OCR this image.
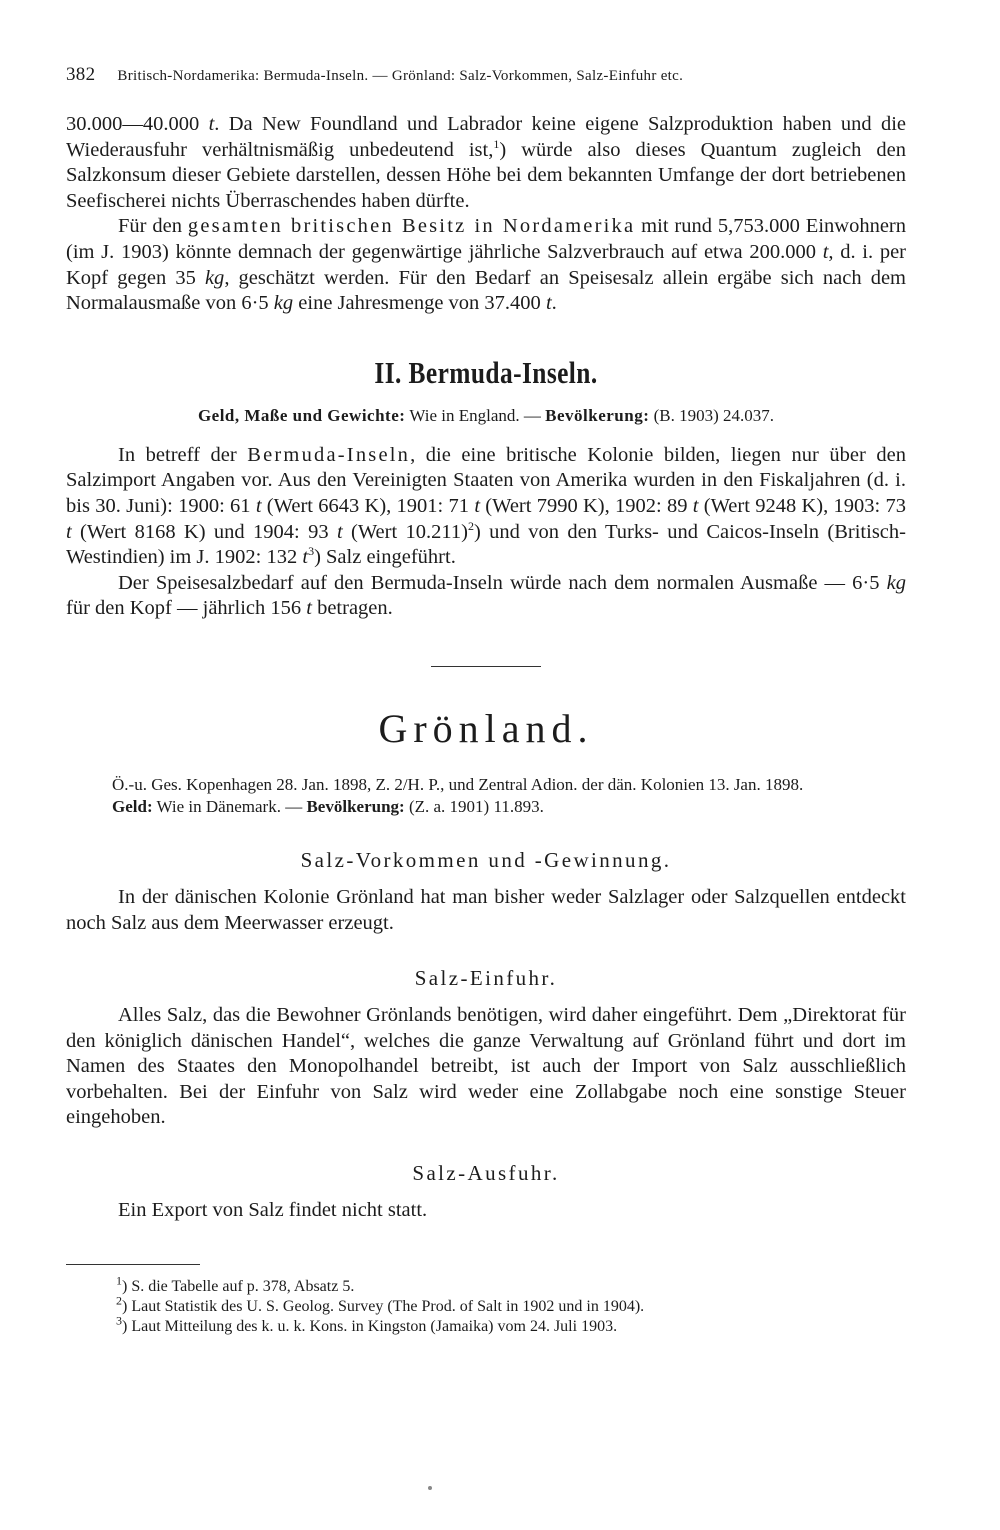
382 Britisch-Nordamerika: Bermuda-Inseln. — Grönland: Salz-Vorkommen, Salz-Einfuhr etc.

30.000—40.000 t. Da New Foundland und Labrador keine eigene Salzproduktion haben und die Wiederausfuhr verhältnismäßig unbedeutend ist,$^1$) würde also dieses Quantum zugleich den Salzkonsum dieser Gebiete darstellen, dessen Höhe bei dem bekannten Umfange der dort betriebenen Seefischerei nichts Überraschendes haben dürfte.

Für den gesamten britischen Besitz in Nordamerika mit rund 5,753.000 Einwohnern (im J. 1903) könnte demnach der gegenwärtige jährliche Salzverbrauch auf etwa 200.000 t, d. i. per Kopf gegen 35 kg, geschätzt werden. Für den Bedarf an Speisesalz allein ergäbe sich nach dem Normalausmaße von 6·5 kg eine Jahresmenge von 37.400 t.

II. Bermuda-Inseln.

Geld, Maße und Gewichte: Wie in England. — Bevölkerung: (B. 1903) 24.037.

In betreff der Bermuda-Inseln, die eine britische Kolonie bilden, liegen nur über den Salzimport Angaben vor. Aus den Vereinigten Staaten von Amerika wurden in den Fiskaljahren (d. i. bis 30. Juni): 1900: 61 t (Wert 6643 K), 1901: 71 t (Wert 7990 K), 1902: 89 t (Wert 9248 K), 1903: 73 t (Wert 8168 K) und 1904: 93 t (Wert 10.211)$^2$) und von den Turks- und Caicos-Inseln (Britisch-Westindien) im J. 1902: 132 $t^3$) Salz eingeführt.

Der Speisesalzbedarf auf den Bermuda-Inseln würde nach dem normalen Ausmaße — 6·5 kg für den Kopf — jährlich 156 t betragen.

Grönland.

Ö.-u. Ges. Kopenhagen 28. Jan. 1898, Z. 2/H. P., und Zentral Adion. der dän. Kolonien 13. Jan. 1898.

Geld: Wie in Dänemark. — Bevölkerung: (Z. a. 1901) 11.893.

Salz-Vorkommen und -Gewinnung.

In der dänischen Kolonie Grönland hat man bisher weder Salzlager oder Salzquellen entdeckt noch Salz aus dem Meerwasser erzeugt.

Salz-Einfuhr.

Alles Salz, das die Bewohner Grönlands benötigen, wird daher eingeführt. Dem „Direktorat für den königlich dänischen Handel“, welches die ganze Verwaltung auf Grönland führt und dort im Namen des Staates den Monopolhandel betreibt, ist auch der Import von Salz ausschließlich vorbehalten. Bei der Einfuhr von Salz wird weder eine Zollabgabe noch eine sonstige Steuer eingehoben.

Salz-Ausfuhr.

Ein Export von Salz findet nicht statt.

$^1$) S. die Tabelle auf p. 378, Absatz 5.

$^2$) Laut Statistik des U. S. Geolog. Survey (The Prod. of Salt in 1902 und in 1904).

$^3$) Laut Mitteilung des k. u. k. Kons. in Kingston (Jamaika) vom 24. Juli 1903.
